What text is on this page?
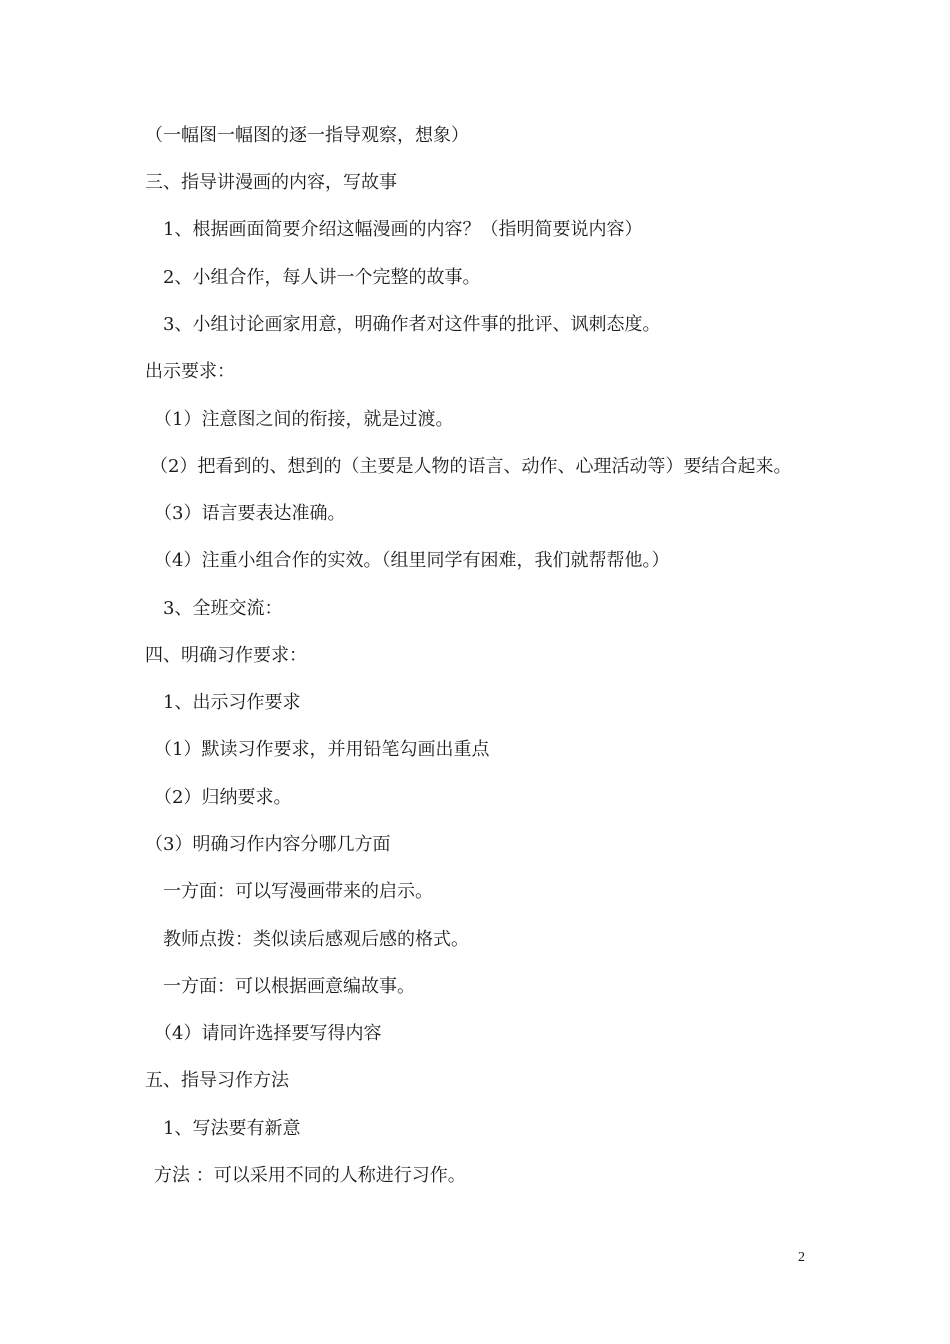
（一幅图一幅图的逐一指导观察，想象）
三、指导讲漫画的内容，写故事
1、根据画面简要介绍这幅漫画的内容？（指明简要说内容）
2、小组合作，每人讲一个完整的故事。
3、小组讨论画家用意，明确作者对这件事的批评、讽刺态度。
出示要求：
（1）注意图之间的衔接，就是过渡。
（2）把看到的、想到的（主要是人物的语言、动作、心理活动等）要结合起来。
（3）语言要表达准确。
（4）注重小组合作的实效。（组里同学有困难，我们就帮帮他。）
3、全班交流：
四、明确习作要求：
1、出示习作要求
（1）默读习作要求，并用铅笔勾画出重点
（2）归纳要求。
（3）明确习作内容分哪几方面
一方面：可以写漫画带来的启示。
教师点拨：类似读后感观后感的格式。
一方面：可以根据画意编故事。
（4）请同许选择要写得内容
五、指导习作方法
1、写法要有新意
方法 ：可以采用不同的人称进行习作。
2
